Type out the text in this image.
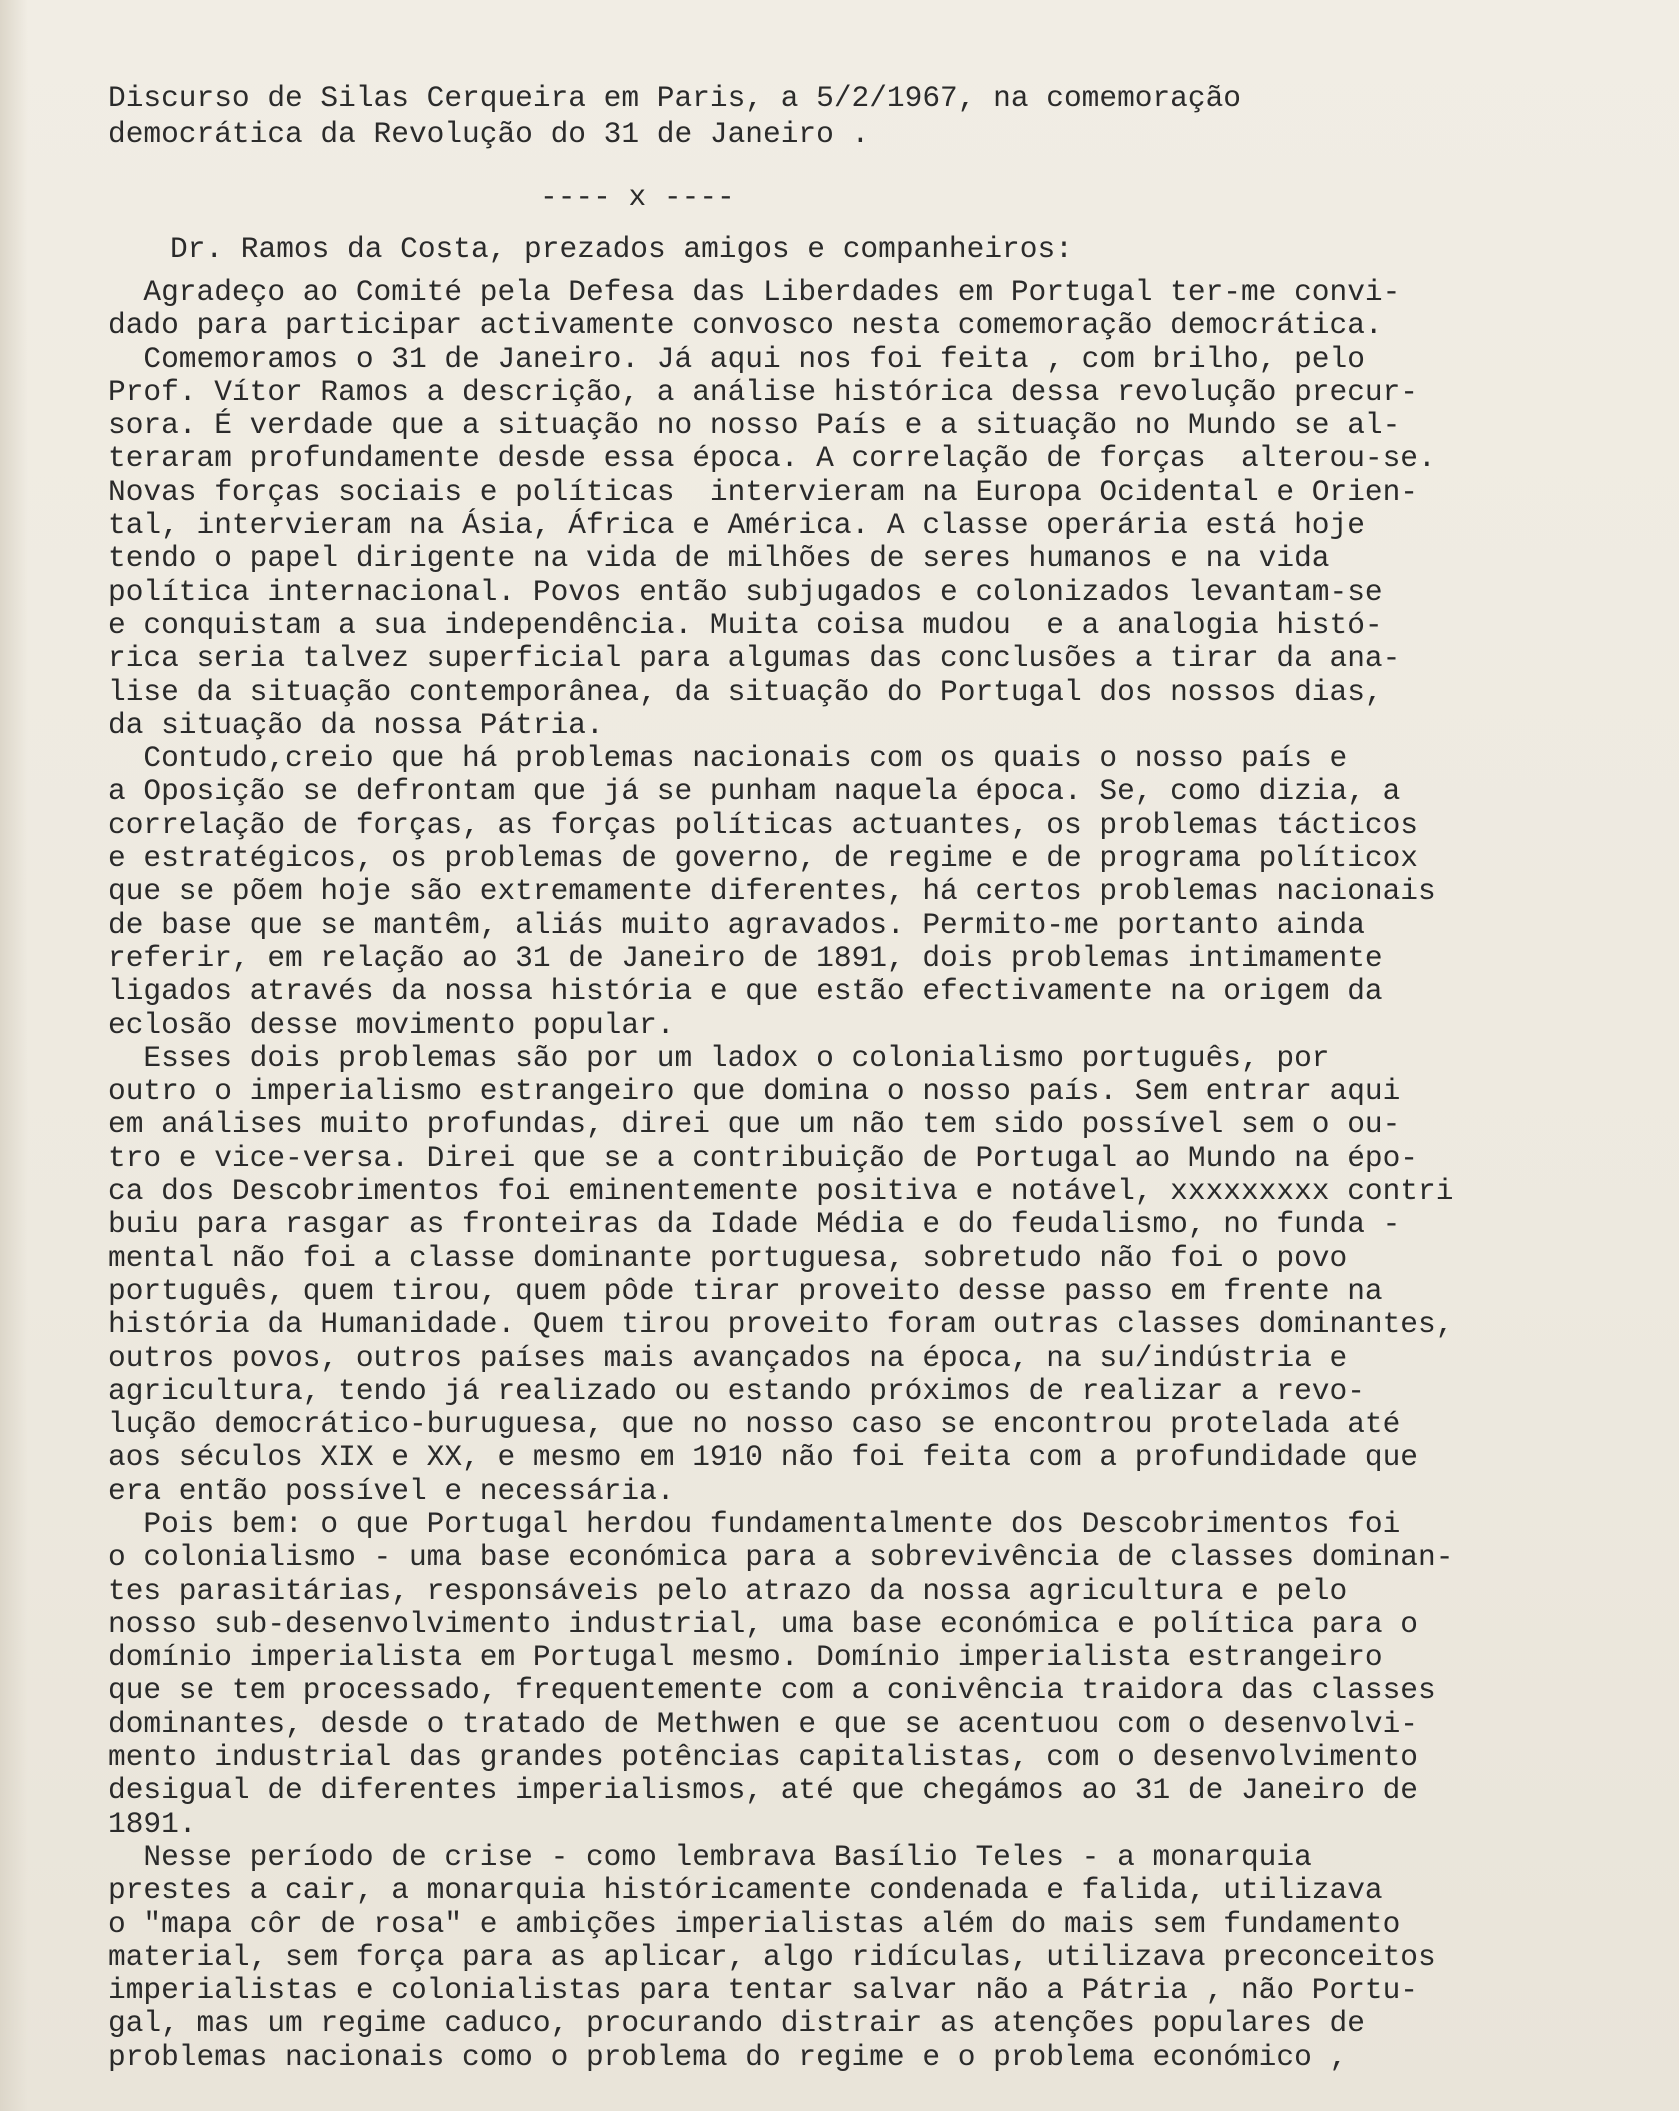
Discurso de Silas Cerqueira em Paris, a 5/2/1967, na comemoração
democrática da Revolução do 31 de Janeiro .
---- x ----
Dr. Ramos da Costa, prezados amigos e companheiros:
Agradeço ao Comité pela Defesa das Liberdades em Portugal ter-me convi-
dado para participar activamente convosco nesta comemoração democrática.
Comemoramos o 31 de Janeiro. Já aqui nos foi feita , com brilho, pelo
Prof. Vítor Ramos a descrição, a análise histórica dessa revolução precur-
sora. É verdade que a situação no nosso País e a situação no Mundo se al-
teraram profundamente desde essa época. A correlação de forças  alterou-se.
Novas forças sociais e políticas  intervieram na Europa Ocidental e Orien-
tal, intervieram na Ásia, África e América. A classe operária está hoje
tendo o papel dirigente na vida de milhões de seres humanos e na vida
política internacional. Povos então subjugados e colonizados levantam-se
e conquistam a sua independência. Muita coisa mudou  e a analogia histó-
rica seria talvez superficial para algumas das conclusões a tirar da ana-
lise da situação contemporânea, da situação do Portugal dos nossos dias,
da situação da nossa Pátria.
Contudo,creio que há problemas nacionais com os quais o nosso país e
a Oposição se defrontam que já se punham naquela época. Se, como dizia, a
correlação de forças, as forças políticas actuantes, os problemas tácticos
e estratégicos, os problemas de governo, de regime e de programa políticox
que se põem hoje são extremamente diferentes, há certos problemas nacionais
de base que se mantêm, aliás muito agravados. Permito-me portanto ainda
referir, em relação ao 31 de Janeiro de 1891, dois problemas intimamente
ligados através da nossa história e que estão efectivamente na origem da
eclosão desse movimento popular.
Esses dois problemas são por um ladox o colonialismo português, por
outro o imperialismo estrangeiro que domina o nosso país. Sem entrar aqui
em análises muito profundas, direi que um não tem sido possível sem o ou-
tro e vice-versa. Direi que se a contribuição de Portugal ao Mundo na épo-
ca dos Descobrimentos foi eminentemente positiva e notável, xxxxxxxxx contri
buiu para rasgar as fronteiras da Idade Média e do feudalismo, no funda -
mental não foi a classe dominante portuguesa, sobretudo não foi o povo
português, quem tirou, quem pôde tirar proveito desse passo em frente na
história da Humanidade. Quem tirou proveito foram outras classes dominantes,
outros povos, outros países mais avançados na época, na su/indústria e
agricultura, tendo já realizado ou estando próximos de realizar a revo-
lução democrático-buruguesa, que no nosso caso se encontrou protelada até
aos séculos XIX e XX, e mesmo em 1910 não foi feita com a profundidade que
era então possível e necessária.
Pois bem: o que Portugal herdou fundamentalmente dos Descobrimentos foi
o colonialismo - uma base económica para a sobrevivência de classes dominan-
tes parasitárias, responsáveis pelo atrazo da nossa agricultura e pelo
nosso sub-desenvolvimento industrial, uma base económica e política para o
domínio imperialista em Portugal mesmo. Domínio imperialista estrangeiro
que se tem processado, frequentemente com a conivência traidora das classes
dominantes, desde o tratado de Methwen e que se acentuou com o desenvolvi-
mento industrial das grandes potências capitalistas, com o desenvolvimento
desigual de diferentes imperialismos, até que chegámos ao 31 de Janeiro de
1891.
Nesse período de crise - como lembrava Basílio Teles - a monarquia
prestes a cair, a monarquia históricamente condenada e falida, utilizava
o "mapa côr de rosa" e ambições imperialistas além do mais sem fundamento
material, sem força para as aplicar, algo ridículas, utilizava preconceitos
imperialistas e colonialistas para tentar salvar não a Pátria , não Portu-
gal, mas um regime caduco, procurando distrair as atenções populares de
problemas nacionais como o problema do regime e o problema económico ,
